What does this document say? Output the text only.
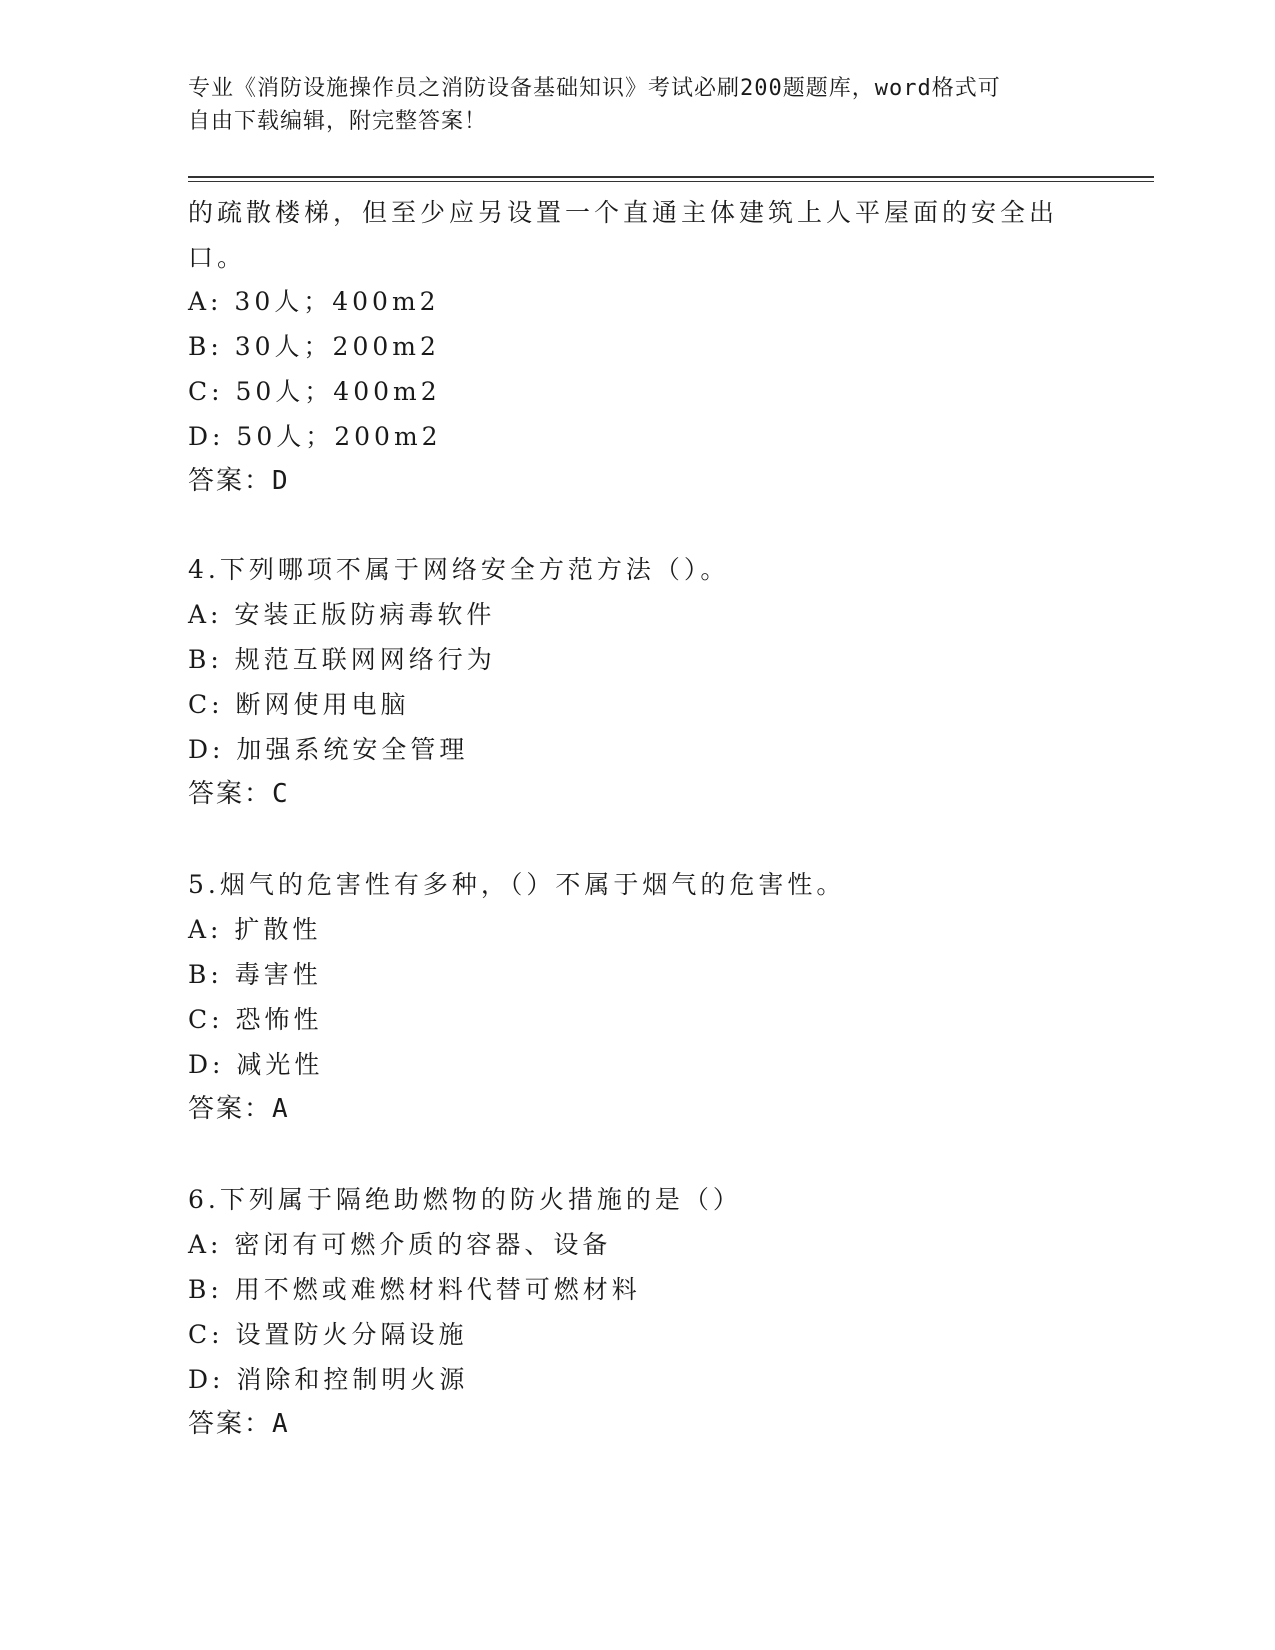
专业《消防设施操作员之消防设备基础知识》考试必刷200题题库，word格式可
自由下载编辑，附完整答案！
的疏散楼梯，但至少应另设置一个直通主体建筑上人平屋面的安全出
口。
A: 30人；400m2
B: 30人；200m2
C: 50人；400m2
D: 50人；200m2
答案：D
4.下列哪项不属于网络安全方范方法（）。
A: 安装正版防病毒软件
B: 规范互联网网络行为
C: 断网使用电脑
D: 加强系统安全管理
答案：C
5.烟气的危害性有多种，（）不属于烟气的危害性。
A: 扩散性
B: 毒害性
C: 恐怖性
D: 减光性
答案：A
6.下列属于隔绝助燃物的防火措施的是（）
A: 密闭有可燃介质的容器、设备
B: 用不燃或难燃材料代替可燃材料
C: 设置防火分隔设施
D: 消除和控制明火源
答案：A
